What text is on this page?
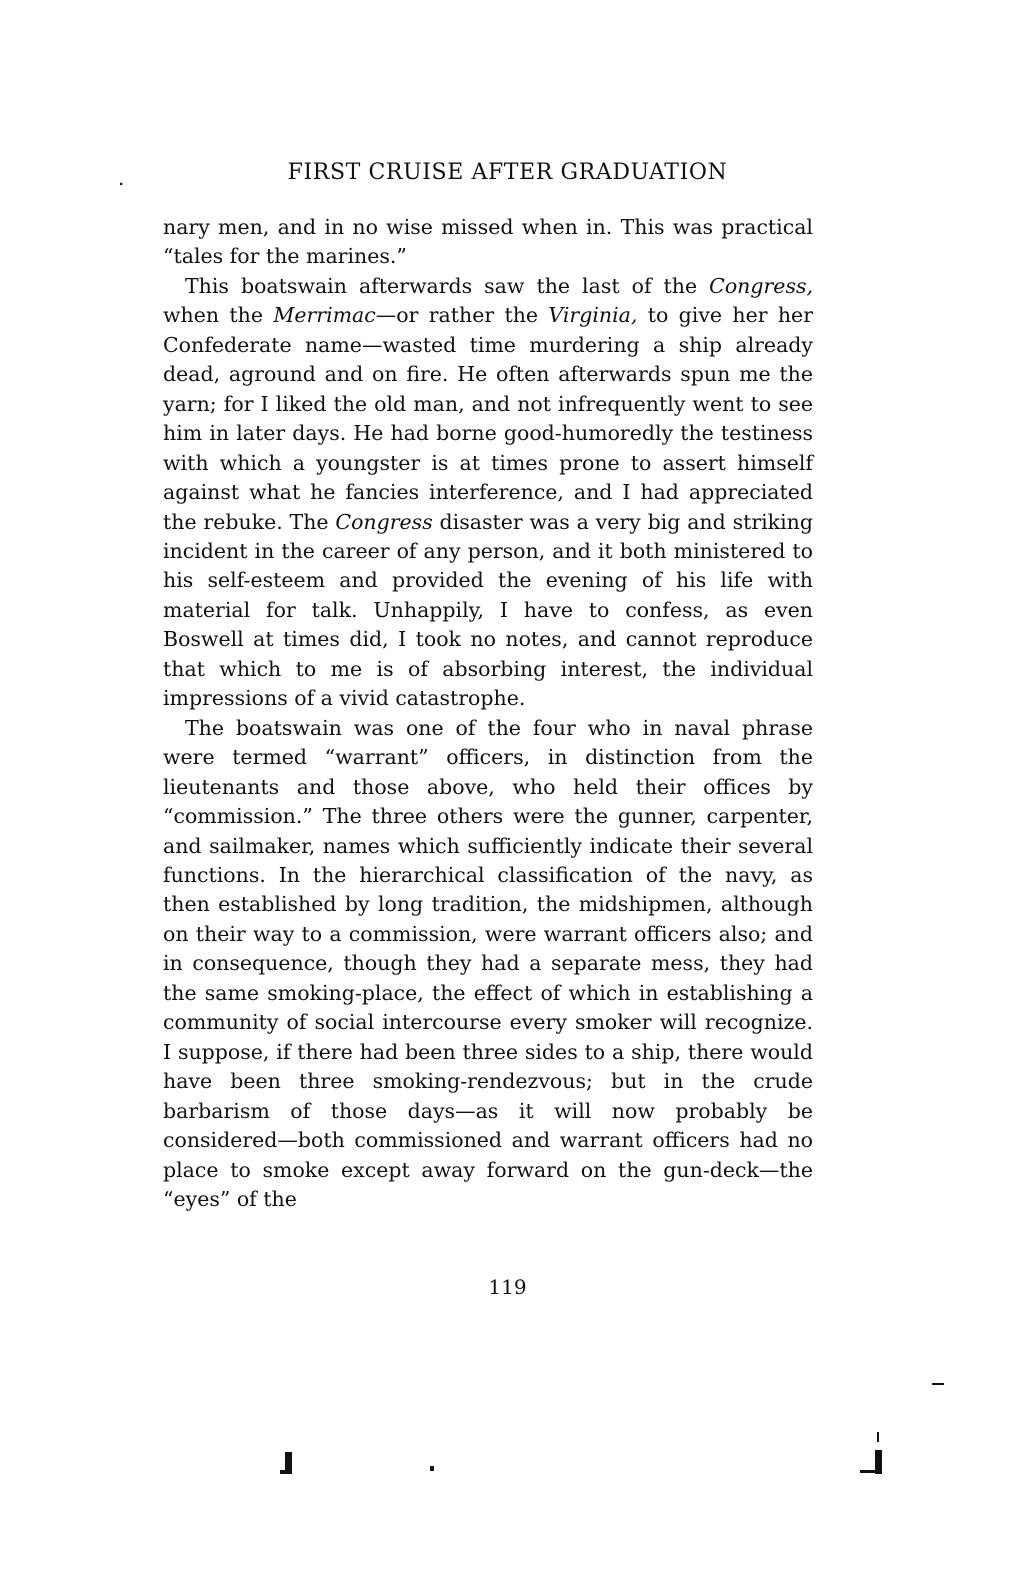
.	FIRST CRUISE AFTER GRADUATION

nary men, and in no wise missed when in. This was practical “tales for the marines.”

This boatswain afterwards saw the last of the Congress, when the Merrimac—or rather the Virginia, to give her her Confederate name—wasted time murdering a ship already dead, aground and on fire. He often afterwards spun me the yarn; for I liked the old man, and not infrequently went to see him in later days. He had borne good-humoredly the testiness with which a youngster is at times prone to assert himself against what he fancies interference, and I had appreciated the rebuke. The Congress disaster was a very big and striking incident in the career of any person, and it both ministered to his self-esteem and provided the evening of his life with material for talk. Unhappily, I have to confess, as even Boswell at times did, I took no notes, and cannot reproduce that which to me is of absorbing interest, the individual impressions of a vivid catastrophe.

The boatswain was one of the four who in naval phrase were termed “warrant” officers, in distinction from the lieutenants and those above, who held their offices by “commission.” The three others were the gunner, carpenter, and sailmaker, names which sufficiently indicate their several functions. In the hierarchical classification of the navy, as then established by long tradition, the midshipmen, although on their way to a commission, were warrant officers also; and in consequence, though they had a separate mess, they had the same smoking-place, the effect of which in establishing a community of social intercourse every smoker will recognize. I suppose, if there had been three sides to a ship, there would have been three smoking-rendezvous; but in the crude barbarism of those days—as it will now probably be considered—both commissioned and warrant officers had no place to smoke except away forward on the gun-deck—the “eyes” of the

119
